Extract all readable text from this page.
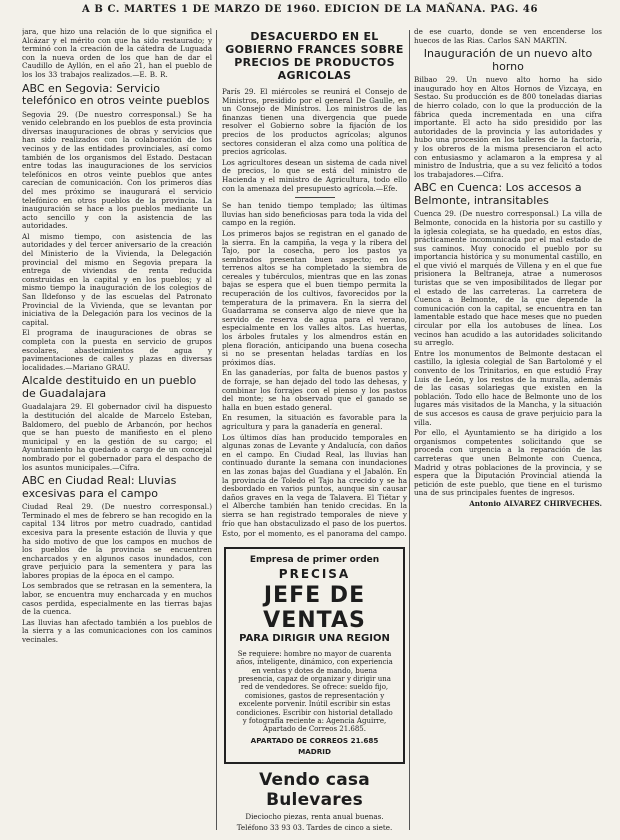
A B C. MARTES 1 DE MARZO DE 1960. EDICION DE LA MAÑANA. PAG. 46

jara, que hizo una relación de lo que significa el Alcázar y el mérito con que ha sido restaurado; y terminó con la creación de la cátedra de Luguada con la nueva orden de los que han de dar el Caudillo de Ayllón, en el año 21, han el pueblo de los los 33 trabajos realizados.—E. B. R.

ABC en Segovia: Servicio telefónico en otros veinte pueblos

Segovia 29. (De nuestro corresponsal.) Se ha venido celebrando en los pueblos de esta provincia diversas inauguraciones de obras y servicios que han sido realizados con la colaboración de los vecinos y de las entidades provinciales, así como también de los organismos del Estado. Destacan entre todas las inauguraciones de los servicios telefónicos en otros veinte pueblos que antes carecían de comunicación. Con los primeros días del mes próximo se inaugurará el servicio telefónico en otros pueblos de la provincia. La inauguración se hace a los pueblos mediante un acto sencillo y con la asistencia de las autoridades.

Al mismo tiempo, con asistencia de las autoridades y del tercer aniversario de la creación del Ministerio de la Vivienda, la Delegación provincial del mismo en Segovia prepara la entrega de viviendas de renta reducida construidas en la capital y en los pueblos; y al mismo tiempo la inauguración de los colegios de San Ildefonso y de las escuelas del Patronato Provincial de la Vivienda, que se levantan por iniciativa de la Delegación para los vecinos de la capital.

El programa de inauguraciones de obras se completa con la puesta en servicio de grupos escolares, abastecimientos de agua y pavimentaciones de calles y plazas en diversas localidades.—Mariano GRAU.

Alcalde destituido en un pueblo de Guadalajara

Guadalajara 29. El gobernador civil ha dispuesto la destitución del alcalde de Marcelo Esteban, Baldomero, del pueblo de Arbancón, por hechos que se han puesto de manifiesto en el pleno municipal y en la gestión de su cargo; el Ayuntamiento ha quedado a cargo de un concejal nombrado por el gobernador para el despacho de los asuntos municipales.—Cifra.

ABC en Ciudad Real: Lluvias excesivas para el campo

Ciudad Real 29. (De nuestro corresponsal.) Terminado el mes de febrero se han recogido en la capital 134 litros por metro cuadrado, cantidad excesiva para la presente estación de lluvia y que ha sido motivo de que los campos en muchos de los pueblos de la provincia se encuentren encharcados y en algunos casos inundados, con grave perjuicio para la sementera y para las labores propias de la época en el campo.

Los sembrados que se retrasan en la sementera, la labor, se encuentra muy encharcada y en muchos casos perdida, especialmente en las tierras bajas de la cuenca.

Las lluvias han afectado también a los pueblos de la sierra y a las comunicaciones con los caminos vecinales.

DESACUERDO EN EL GOBIERNO FRANCES SOBRE PRECIOS DE PRODUCTOS AGRICOLAS

París 29. El miércoles se reunirá el Consejo de Ministros, presidido por el general De Gaulle, en un Consejo de Ministros. Los ministros de las finanzas tienen una divergencia que puede resolver el Gobierno sobre la fijación de los precios de los productos agrícolas; algunos sectores consideran el alza como una política de precios agrícolas.

Los agricultores desean un sistema de cada nivel de precios, lo que se está del ministro de Hacienda y el ministro de Agricultura, todo ello con la amenaza del presupuesto agrícola.—Efe.

Se han tenido tiempo templado; las últimas lluvias han sido beneficiosas para toda la vida del campo en la región.

Los primeros bajos se registran en el ganado de la sierra. En la campiña, la vega y la ribera del Tajo, por la cosecha, pero los pastos ya sembrados presentan buen aspecto; en los terrenos altos se ha completado la siembra de cereales y tubérculos, mientras que en las zonas bajas se espera que el buen tiempo permita la recuperación de los cultivos, favorecidos por la temperatura de la primavera. En la sierra del Guadarrama se conserva algo de nieve que ha servido de reserva de agua para el verano, especialmente en los valles altos. Las huertas, los árboles frutales y los almendros están en plena floración, anticipando una buena cosecha si no se presentan heladas tardías en los próximos días.

En las ganaderías, por falta de buenos pastos y de forraje, se han dejado del todo las dehesas, y combinar los forrajes con el pienso y los pastos del monte; se ha observado que el ganado se halla en buen estado general.

En resumen, la situación es favorable para la agricultura y para la ganadería en general.

Los últimos días han producido temporales en algunas zonas de Levante y Andalucía, con daños en el campo. En Ciudad Real, las lluvias han continuado durante la semana con inundaciones en las zonas bajas del Guadiana y el Jabalón. En la provincia de Toledo el Tajo ha crecido y se ha desbordado en varios puntos, aunque sin causar daños graves en la vega de Talavera. El Tiétar y el Alberche también han tenido crecidas. En la sierra se han registrado temporales de nieve y frío que han obstaculizado el paso de los puertos.

Esto, por el momento, es el panorama del campo.

Empresa de primer orden
PRECISA
JEFE DE VENTAS
PARA DIRIGIR UNA REGION
Se requiere: hombre no mayor de cuarenta años, inteligente, dinámico, con experiencia en ventas y dotes de mando, buena presencia, capaz de organizar y dirigir una red de vendedores. Se ofrece: sueldo fijo, comisiones, gastos de representación y excelente porvenir. Inútil escribir sin estas condiciones. Escribir con historial detallado y fotografía reciente a: Agencia Aguirre, Apartado de Correos 21.685.
APARTADO DE CORREOS 21.685
MADRID
Vendo casa Bulevares
Dieciocho piezas, renta anual buenas.
Teléfono 33 93 03. Tardes de cinco a siete.

de ese cuarto, donde se ven encenderse los huecos de las Rias. Carlos SAN MARTIN.

Inauguración de un nuevo alto horno

Bilbao 29. Un nuevo alto horno ha sido inaugurado hoy en Altos Hornos de Vizcaya, en Sestao. Su producción es de 800 toneladas diarias de hierro colado, con lo que la producción de la fábrica queda incrementada en una cifra importante. El acto ha sido presidido por las autoridades de la provincia y las autoridades y hubo una procesión en los talleres de la factoría, y los obreros de la misma presenciaron el acto con entusiasmo y aclamaron a la empresa y al ministro de Industria, que a su vez felicitó a todos los trabajadores.—Cifra.

ABC en Cuenca: Los accesos a Belmonte, intransitables

Cuenca 29. (De nuestro corresponsal.) La villa de Belmonte, conocida en la historia por su castillo y la iglesia colegiata, se ha quedado, en estos días, prácticamente incomunicada por el mal estado de sus caminos. Muy conocido el pueblo por su importancia histórica y su monumental castillo, en el que vivió el marqués de Villena y en el que fue prisionera la Beltraneja, atrae a numerosos turistas que se ven imposibilitados de llegar por el estado de las carreteras. La carretera de Cuenca a Belmonte, de la que depende la comunicación con la capital, se encuentra en tan lamentable estado que hace meses que no pueden circular por ella los autobuses de línea. Los vecinos han acudido a las autoridades solicitando su arreglo.

Entre los monumentos de Belmonte destacan el castillo, la iglesia colegial de San Bartolomé y el convento de los Trinitarios, en que estudió Fray Luis de León, y los restos de la muralla, además de las casas solariegas que existen en la población. Todo ello hace de Belmonte uno de los lugares más visitados de la Mancha, y la situación de sus accesos es causa de grave perjuicio para la villa.

Por ello, el Ayuntamiento se ha dirigido a los organismos competentes solicitando que se proceda con urgencia a la reparación de las carreteras que unen Belmonte con Cuenca, Madrid y otras poblaciones de la provincia, y se espera que la Diputación Provincial atienda la petición de este pueblo, que tiene en el turismo una de sus principales fuentes de ingresos.

Antonio ALVAREZ CHIRVECHES.
